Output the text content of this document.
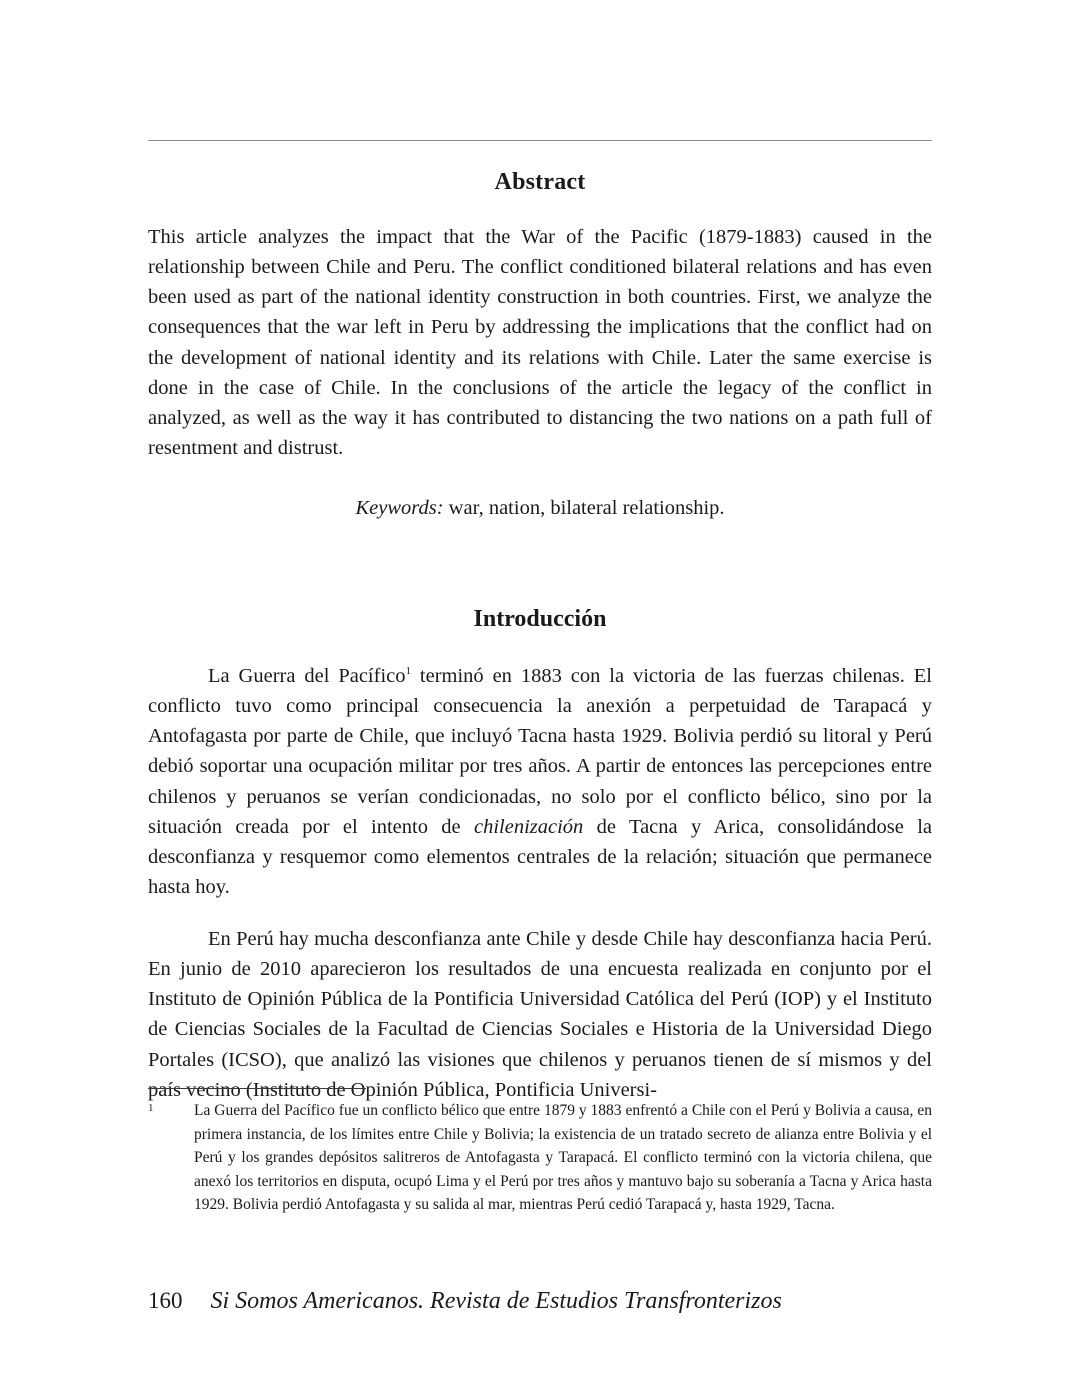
Abstract

This article analyzes the impact that the War of the Pacific (1879-1883) caused in the relationship between Chile and Peru. The conflict conditioned bilateral relations and has even been used as part of the national identity construction in both countries. First, we analyze the consequences that the war left in Peru by addressing the implications that the conflict had on the development of national identity and its relations with Chile. Later the same exercise is done in the case of Chile. In the conclusions of the article the legacy of the conflict in analyzed, as well as the way it has contributed to distancing the two nations on a path full of resentment and distrust.

Keywords: war, nation, bilateral relationship.

Introducción

La Guerra del Pacífico$^1$ terminó en 1883 con la victoria de las fuerzas chilenas. El conflicto tuvo como principal consecuencia la anexión a perpetuidad de Tarapacá y Antofagasta por parte de Chile, que incluyó Tacna hasta 1929. Bolivia perdió su litoral y Perú debió soportar una ocupación militar por tres años. A partir de entonces las percepciones entre chilenos y peruanos se verían condicionadas, no solo por el conflicto bélico, sino por la situación creada por el intento de chilenización de Tacna y Arica, consolidándose la desconfianza y resquemor como elementos centrales de la relación; situación que permanece hasta hoy.

En Perú hay mucha desconfianza ante Chile y desde Chile hay desconfianza hacia Perú. En junio de 2010 aparecieron los resultados de una encuesta realizada en conjunto por el Instituto de Opinión Pública de la Pontificia Universidad Católica del Perú (IOP) y el Instituto de Ciencias Sociales de la Facultad de Ciencias Sociales e Historia de la Universidad Diego Portales (ICSO), que analizó las visiones que chilenos y peruanos tienen de sí mismos y del país vecino (Instituto de Opinión Pública, Pontificia Universi-

1	La Guerra del Pacífico fue un conflicto bélico que entre 1879 y 1883 enfrentó a Chile con el Perú y Bolivia a causa, en primera instancia, de los límites entre Chile y Bolivia; la existencia de un tratado secreto de alianza entre Bolivia y el Perú y los grandes depósitos salitreros de Antofagasta y Tarapacá. El conflicto terminó con la victoria chilena, que anexó los territorios en disputa, ocupó Lima y el Perú por tres años y mantuvo bajo su soberanía a Tacna y Arica hasta 1929. Bolivia perdió Antofagasta y su salida al mar, mientras Perú cedió Tarapacá y, hasta 1929, Tacna.
160 Si Somos Americanos. Revista de Estudios Transfronterizos
